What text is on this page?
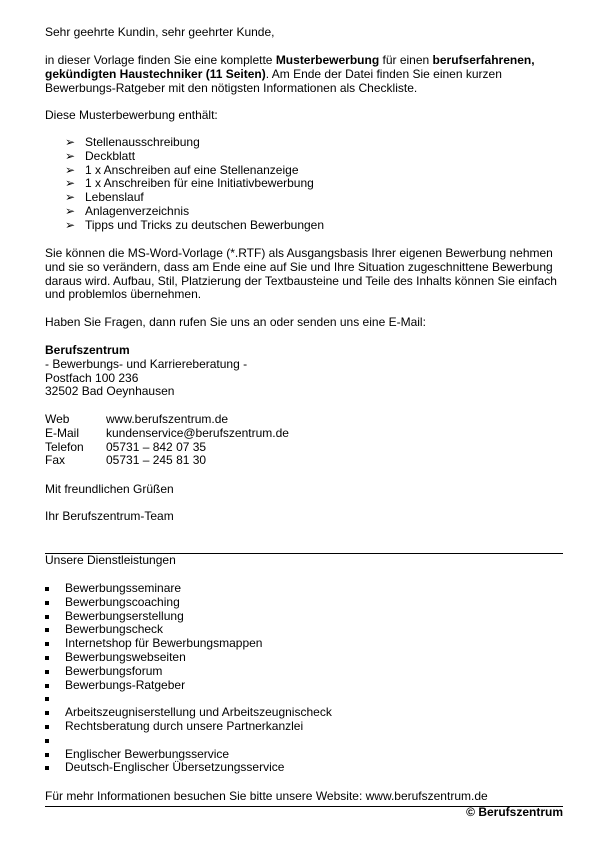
Sehr geehrte Kundin, sehr geehrter Kunde,

in dieser Vorlage finden Sie eine komplette Musterbewerbung für einen berufserfahrenen, gekündigten Haustechniker (11 Seiten). Am Ende der Datei finden Sie einen kurzen Bewerbungs-Ratgeber mit den nötigsten Informationen als Checkliste.

Diese Musterbewerbung enthält:

➢ Stellenausschreibung
➢ Deckblatt
➢ 1 x Anschreiben auf eine Stellenanzeige
➢ 1 x Anschreiben für eine Initiativbewerbung
➢ Lebenslauf
➢ Anlagenverzeichnis
➢ Tipps und Tricks zu deutschen Bewerbungen

Sie können die MS-Word-Vorlage (*.RTF) als Ausgangsbasis Ihrer eigenen Bewerbung nehmen und sie so verändern, dass am Ende eine auf Sie und Ihre Situation zugeschnittene Bewerbung daraus wird. Aufbau, Stil, Platzierung der Textbausteine und Teile des Inhalts können Sie einfach und problemlos übernehmen.

Haben Sie Fragen, dann rufen Sie uns an oder senden uns eine E-Mail:

Berufszentrum

- Bewerbungs- und Karriereberatung -

Postfach 100 236

32502 Bad Oeynhausen

Web	www.berufszentrum.de
E-Mail	kundenservice@berufszentrum.de
Telefon	05731 – 842 07 35
Fax	05731 – 245 81 30

Mit freundlichen Grüßen

Ihr Berufszentrum-Team

Unsere Dienstleistungen

Bewerbungsseminare
Bewerbungscoaching
Bewerbungserstellung
Bewerbungscheck
Internetshop für Bewerbungsmappen
Bewerbungswebseiten
Bewerbungsforum
Bewerbungs-Ratgeber
Arbeitszeugniserstellung und Arbeitszeugnischeck
Rechtsberatung durch unsere Partnerkanzlei
Englischer Bewerbungsservice
Deutsch-Englischer Übersetzungsservice

Für mehr Informationen besuchen Sie bitte unsere Website: www.berufszentrum.de

© Berufszentrum
